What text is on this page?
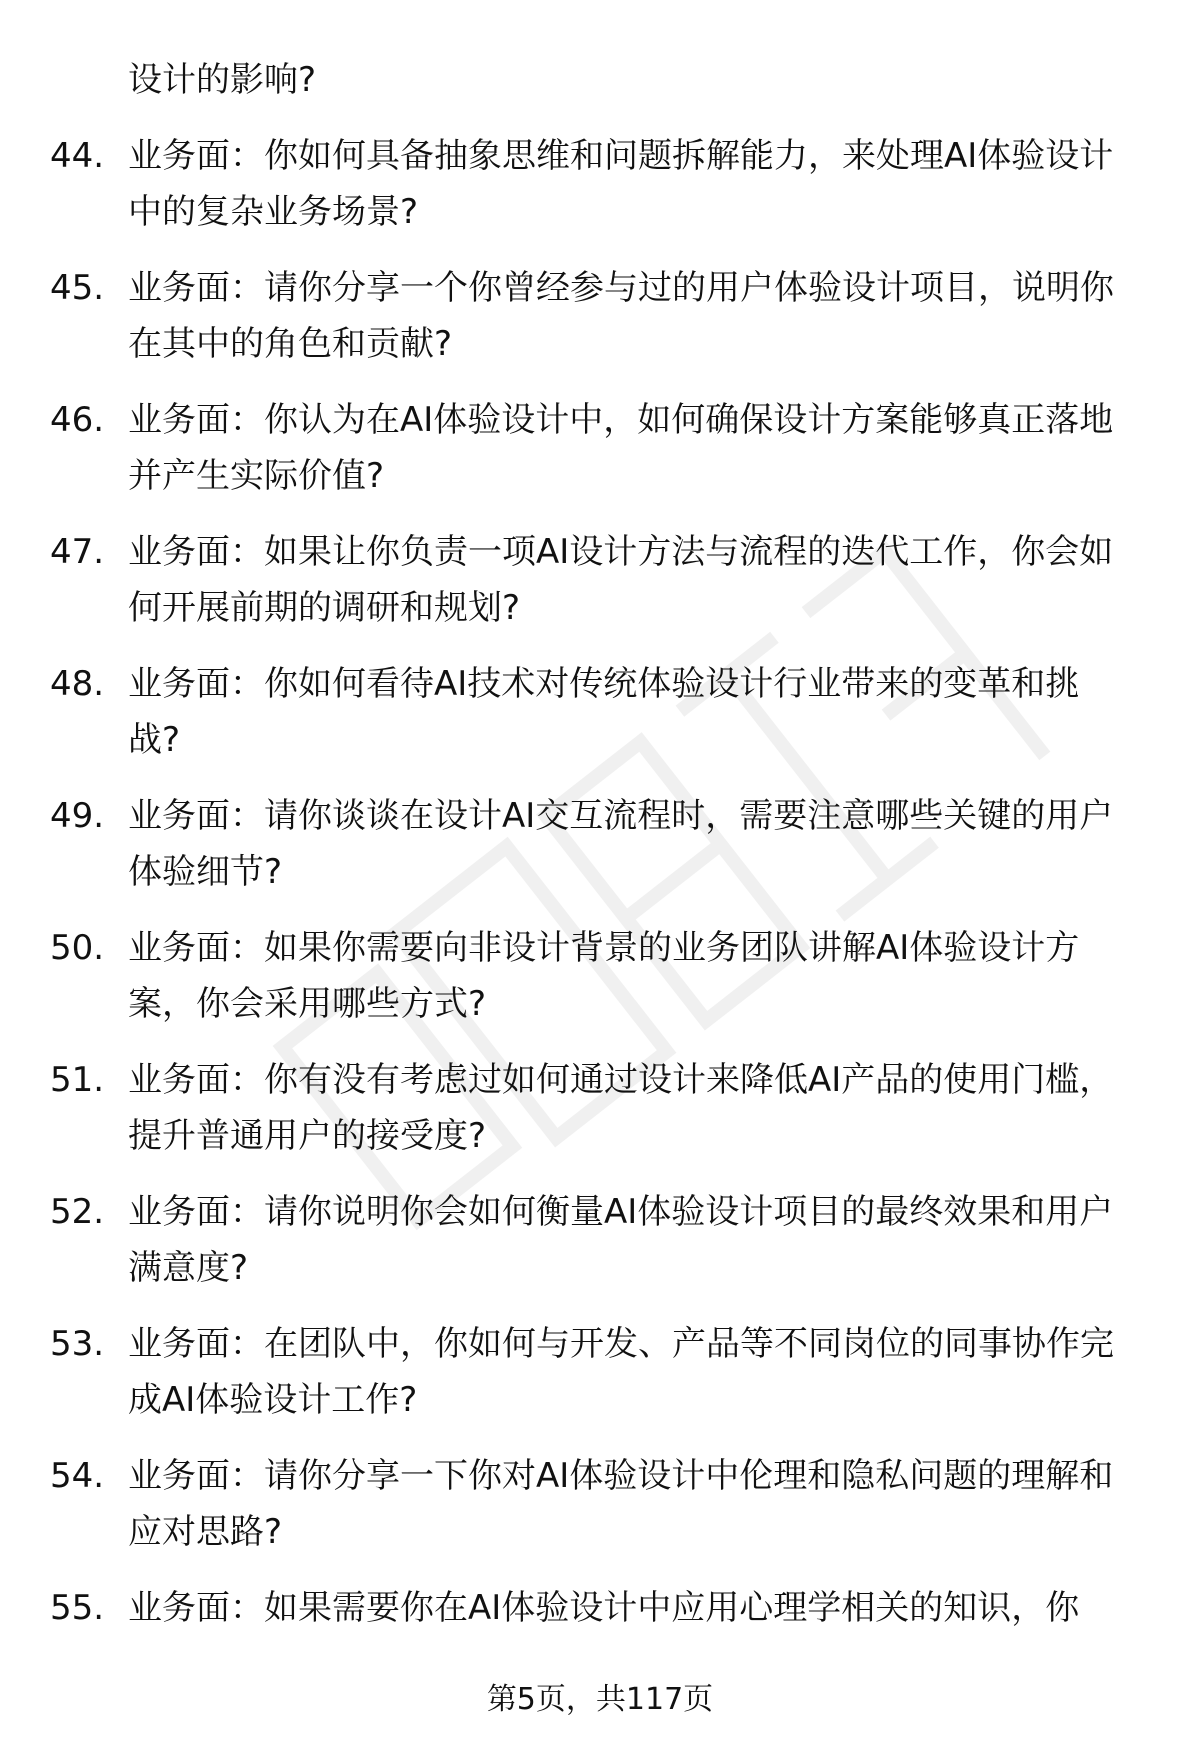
设计的影响?
44. 业务面：你如何具备抽象思维和问题拆解能力，来处理AI体验设计中的复杂业务场景?
45. 业务面：请你分享一个你曾经参与过的用户体验设计项目，说明你在其中的角色和贡献?
46. 业务面：你认为在AI体验设计中，如何确保设计方案能够真正落地并产生实际价值?
47. 业务面：如果让你负责一项AI设计方法与流程的迭代工作，你会如何开展前期的调研和规划?
48. 业务面：你如何看待AI技术对传统体验设计行业带来的变革和挑战?
49. 业务面：请你谈谈在设计AI交互流程时，需要注意哪些关键的用户体验细节?
50. 业务面：如果你需要向非设计背景的业务团队讲解AI体验设计方案，你会采用哪些方式?
51. 业务面：你有没有考虑过如何通过设计来降低AI产品的使用门槛，提升普通用户的接受度?
52. 业务面：请你说明你会如何衡量AI体验设计项目的最终效果和用户满意度?
53. 业务面：在团队中，你如何与开发、产品等不同岗位的同事协作完成AI体验设计工作?
54. 业务面：请你分享一下你对AI体验设计中伦理和隐私问题的理解和应对思路?
55. 业务面：如果需要你在AI体验设计中应用心理学相关的知识，你
第5页，共117页
